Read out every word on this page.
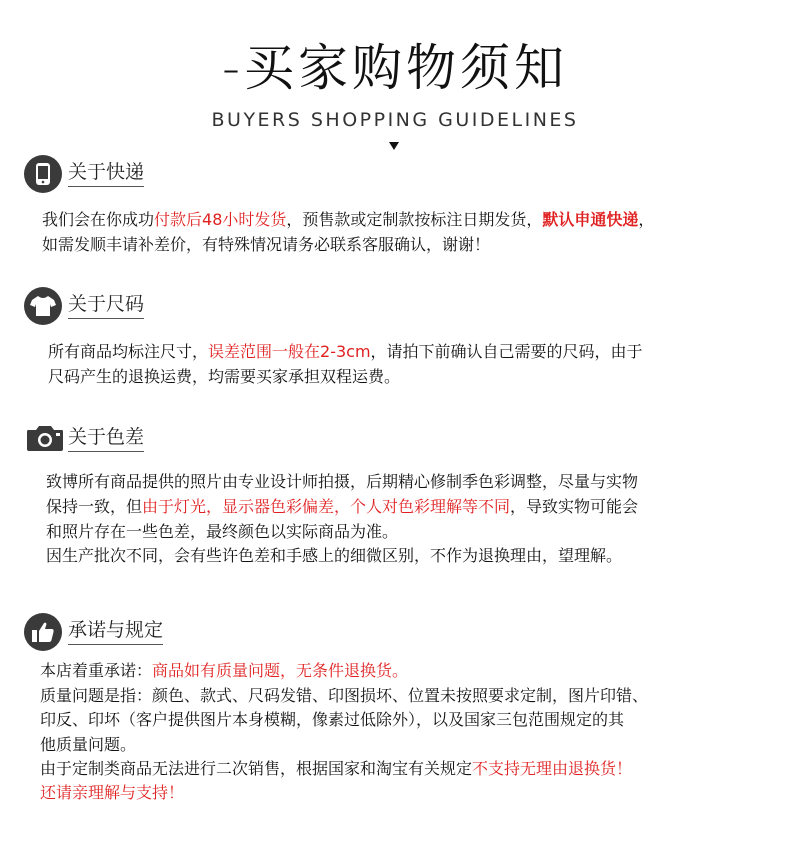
-买家购物须知
BUYERS SHOPPING GUIDELINES
关于快递
我们会在你成功付款后48小时发货，预售款或定制款按标注日期发货，默认申通快递，
如需发顺丰请补差价，有特殊情况请务必联系客服确认，谢谢！
关于尺码
所有商品均标注尺寸，误差范围一般在2-3cm，请拍下前确认自己需要的尺码，由于
尺码产生的退换运费，均需要买家承担双程运费。
关于色差
致博所有商品提供的照片由专业设计师拍摄，后期精心修制季色彩调整，尽量与实物
保持一致，但由于灯光，显示器色彩偏差，个人对色彩理解等不同，导致实物可能会
和照片存在一些色差，最终颜色以实际商品为准。
因生产批次不同，会有些许色差和手感上的细微区别，不作为退换理由，望理解。
承诺与规定
本店着重承诺：商品如有质量问题，无条件退换货。
质量问题是指：颜色、款式、尺码发错、印图损坏、位置未按照要求定制，图片印错、
印反、印坏（客户提供图片本身模糊，像素过低除外），以及国家三包范围规定的其
他质量问题。
由于定制类商品无法进行二次销售，根据国家和淘宝有关规定不支持无理由退换货！
还请亲理解与支持！
